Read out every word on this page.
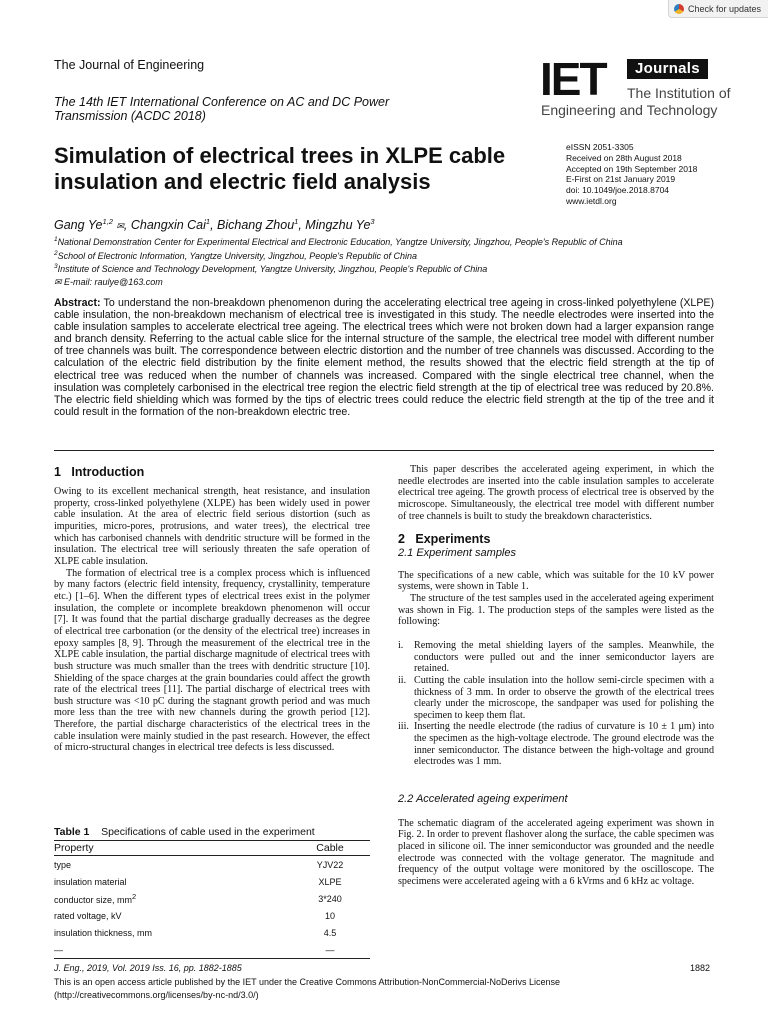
Check for updates
The Journal of Engineering
The 14th IET International Conference on AC and DC Power Transmission (ACDC 2018)
IET	Journals
The Institution of
Engineering and Technology
Simulation of electrical trees in XLPE cable insulation and electric field analysis
eISSN 2051-3305
Received on 28th August 2018
Accepted on 19th September 2018
E-First on 21st January 2019
doi: 10.1049/joe.2018.8704
www.ietdl.org
Gang Ye$^{1,2}$ ✉, Changxin Cai$^1$, Bichang Zhou$^1$, Mingzhu Ye$^3$
$^1$National Demonstration Center for Experimental Electrical and Electronic Education, Yangtze University, Jingzhou, People's Republic of China
$^2$School of Electronic Information, Yangtze University, Jingzhou, People's Republic of China
$^3$Institute of Science and Technology Development, Yangtze University, Jingzhou, People's Republic of China
✉ E-mail: raulye@163.com
Abstract: To understand the non-breakdown phenomenon during the accelerating electrical tree ageing in cross-linked polyethylene (XLPE) cable insulation, the non-breakdown mechanism of electrical tree is investigated in this study. The needle electrodes were inserted into the cable insulation samples to accelerate electrical tree ageing. The electrical trees which were not broken down had a larger expansion range and branch density. Referring to the actual cable slice for the internal structure of the sample, the electrical tree model with different number of tree channels was built. The correspondence between electric distortion and the number of tree channels was discussed. According to the calculation of the electric field distribution by the finite element method, the results showed that the electric field strength at the tip of electrical tree was reduced when the number of channels was increased. Compared with the single electrical tree channel, when the insulation was completely carbonised in the electrical tree region the electric field strength at the tip of electrical tree was reduced by 20.8%. The electric field shielding which was formed by the tips of electric trees could reduce the electric field strength at the tip of the tree and it could result in the formation of the non-breakdown electric tree.
1 Introduction

Owing to its excellent mechanical strength, heat resistance, and insulation property, cross-linked polyethylene (XLPE) has been widely used in power cable insulation. At the area of electric field serious distortion (such as impurities, micro-pores, protrusions, and water trees), the electrical tree which has carbonised channels with dendritic structure will be formed in the insulation. The electrical tree will seriously threaten the safe operation of XLPE cable insulation.

The formation of electrical tree is a complex process which is influenced by many factors (electric field intensity, frequency, crystallinity, temperature etc.) [1–6]. When the different types of electrical trees exist in the polymer insulation, the complete or incomplete breakdown phenomenon will occur [7]. It was found that the partial discharge gradually decreases as the degree of electrical tree carbonation (or the density of the electrical tree) increases in epoxy samples [8, 9]. Through the measurement of the electrical tree in the XLPE cable insulation, the partial discharge magnitude of electrical trees with bush structure was much smaller than the trees with dendritic structure [10]. Shielding of the space charges at the grain boundaries could affect the growth rate of the electrical trees [11]. The partial discharge of electrical trees with bush structure was <10 pC during the stagnant growth period and was much more less than the tree with new channels during the growth period [12]. Therefore, the partial discharge characteristics of the electrical trees in the cable insulation were mainly studied in the past research. However, the effect of micro-structural changes in electrical tree defects is less discussed.

Table 1 Specifications of cable used in the experiment
Property	Cable
type	YJV22
insulation material	XLPE
conductor size, $mm^2$	3*240
rated voltage, kV	10
insulation thickness, mm	4.5
—	—

This paper describes the accelerated ageing experiment, in which the needle electrodes are inserted into the cable insulation samples to accelerate electrical tree ageing. The growth process of electrical tree is observed by the microscope. Simultaneously, the electrical tree model with different number of tree channels is built to study the breakdown characteristics.

2 Experiments
2.1 Experiment samples

The specifications of a new cable, which was suitable for the 10 kV power systems, were shown in Table 1.

The structure of the test samples used in the accelerated ageing experiment was shown in Fig. 1. The production steps of the samples were listed as the following:

i.	Removing the metal shielding layers of the samples. Meanwhile, the conductors were pulled out and the inner semiconductor layers are retained.
ii. Cutting the cable insulation into the hollow semi-circle specimen with a thickness of 3 mm. In order to observe the growth of the electrical trees clearly under the microscope, the sandpaper was used for polishing the specimen to keep them flat.
iii. Inserting the needle electrode (the radius of curvature is 10 ± 1 μm) into the specimen as the high-voltage electrode. The ground electrode was the inner semiconductor. The distance between the high-voltage and ground electrodes was 1 mm.
2.2 Accelerated ageing experiment

The schematic diagram of the accelerated ageing experiment was shown in Fig. 2. In order to prevent flashover along the surface, the cable specimen was placed in silicone oil. The inner semiconductor was grounded and the needle electrode was connected with the voltage generator. The magnitude and frequency of the output voltage were monitored by the oscilloscope. The specimens were accelerated ageing with a 6 kVrms and 6 kHz ac voltage.

J. Eng., 2019, Vol. 2019 Iss. 16, pp. 1882-1885	1882
This is an open access article published by the IET under the Creative Commons Attribution-NonCommercial-NoDerivs License
(http://creativecommons.org/licenses/by-nc-nd/3.0/)
